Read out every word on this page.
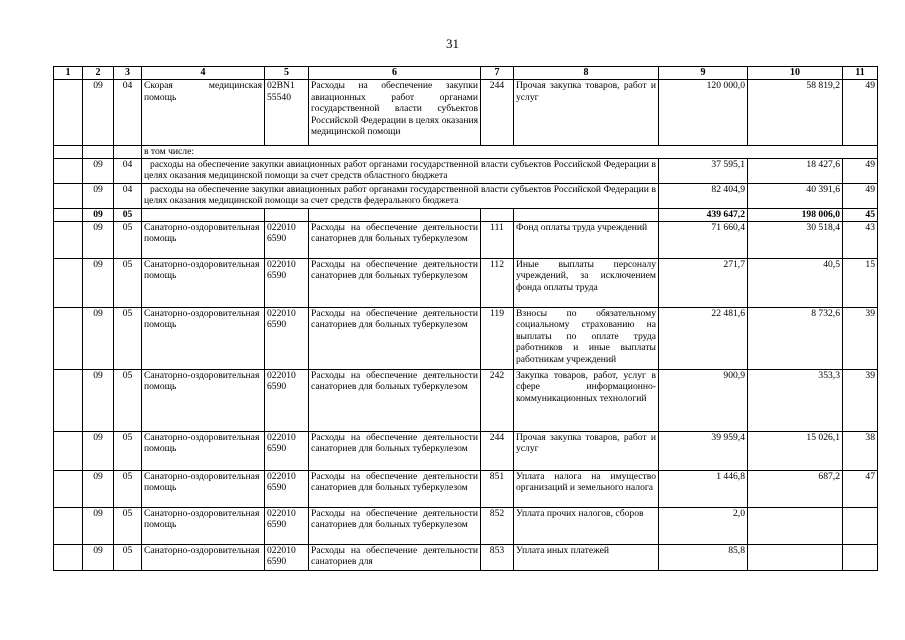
31
1	2	3	4	5	6	7	8	9	10	11
	09	04	Скорая медицинская помощь	02BN1 55540	Расходы на обеспечение закупки авиационных работ органами государственной власти субъектов Российской Федерации в целях оказания медицинской помощи	244	Прочая закупка товаров, работ и услуг	120 000,0	58 819,2	49
			в том числе:							
	09	04	расходы на обеспечение закупки авиационных работ органами государственной власти субъектов Российской Федерации в целях оказания медицинской помощи за счет средств областного бюджета					37 595,1	18 427,6	49
	09	04	расходы на обеспечение закупки авиационных работ органами государственной власти субъектов Российской Федерации в целях оказания медицинской помощи за счет средств федерального бюджета					82 404,9	40 391,6	49
	09	05						439 647,2	198 006,0	45
	09	05	Санаторно-оздоровительная помощь	022010 6590	Расходы на обеспечение деятельности санаториев для больных туберкулезом	111	Фонд оплаты труда учреждений	71 660,4	30 518,4	43
	09	05	Санаторно-оздоровительная помощь	022010 6590	Расходы на обеспечение деятельности санаториев для больных туберкулезом	112	Иные выплаты персоналу учреждений, за исключением фонда оплаты труда	271,7	40,5	15
	09	05	Санаторно-оздоровительная помощь	022010 6590	Расходы на обеспечение деятельности санаториев для больных туберкулезом	119	Взносы по обязательному социальному страхованию на выплаты по оплате труда работников и иные выплаты работникам учреждений	22 481,6	8 732,6	39
	09	05	Санаторно-оздоровительная помощь	022010 6590	Расходы на обеспечение деятельности санаториев для больных туберкулезом	242	Закупка товаров, работ, услуг в сфере информационно-коммуникационных технологий	900,9	353,3	39
	09	05	Санаторно-оздоровительная помощь	022010 6590	Расходы на обеспечение деятельности санаториев для больных туберкулезом	244	Прочая закупка товаров, работ и услуг	39 959,4	15 026,1	38
	09	05	Санаторно-оздоровительная помощь	022010 6590	Расходы на обеспечение деятельности санаториев для больных туберкулезом	851	Уплата налога на имущество организаций и земельного налога	1 446,8	687,2	47
	09	05	Санаторно-оздоровительная помощь	022010 6590	Расходы на обеспечение деятельности санаториев для больных туберкулезом	852	Уплата прочих налогов, сборов	2,0		
	09	05	Санаторно-оздоровительная	022010 6590	Расходы на обеспечение деятельности санаториев для	853	Уплата иных платежей	85,8		
